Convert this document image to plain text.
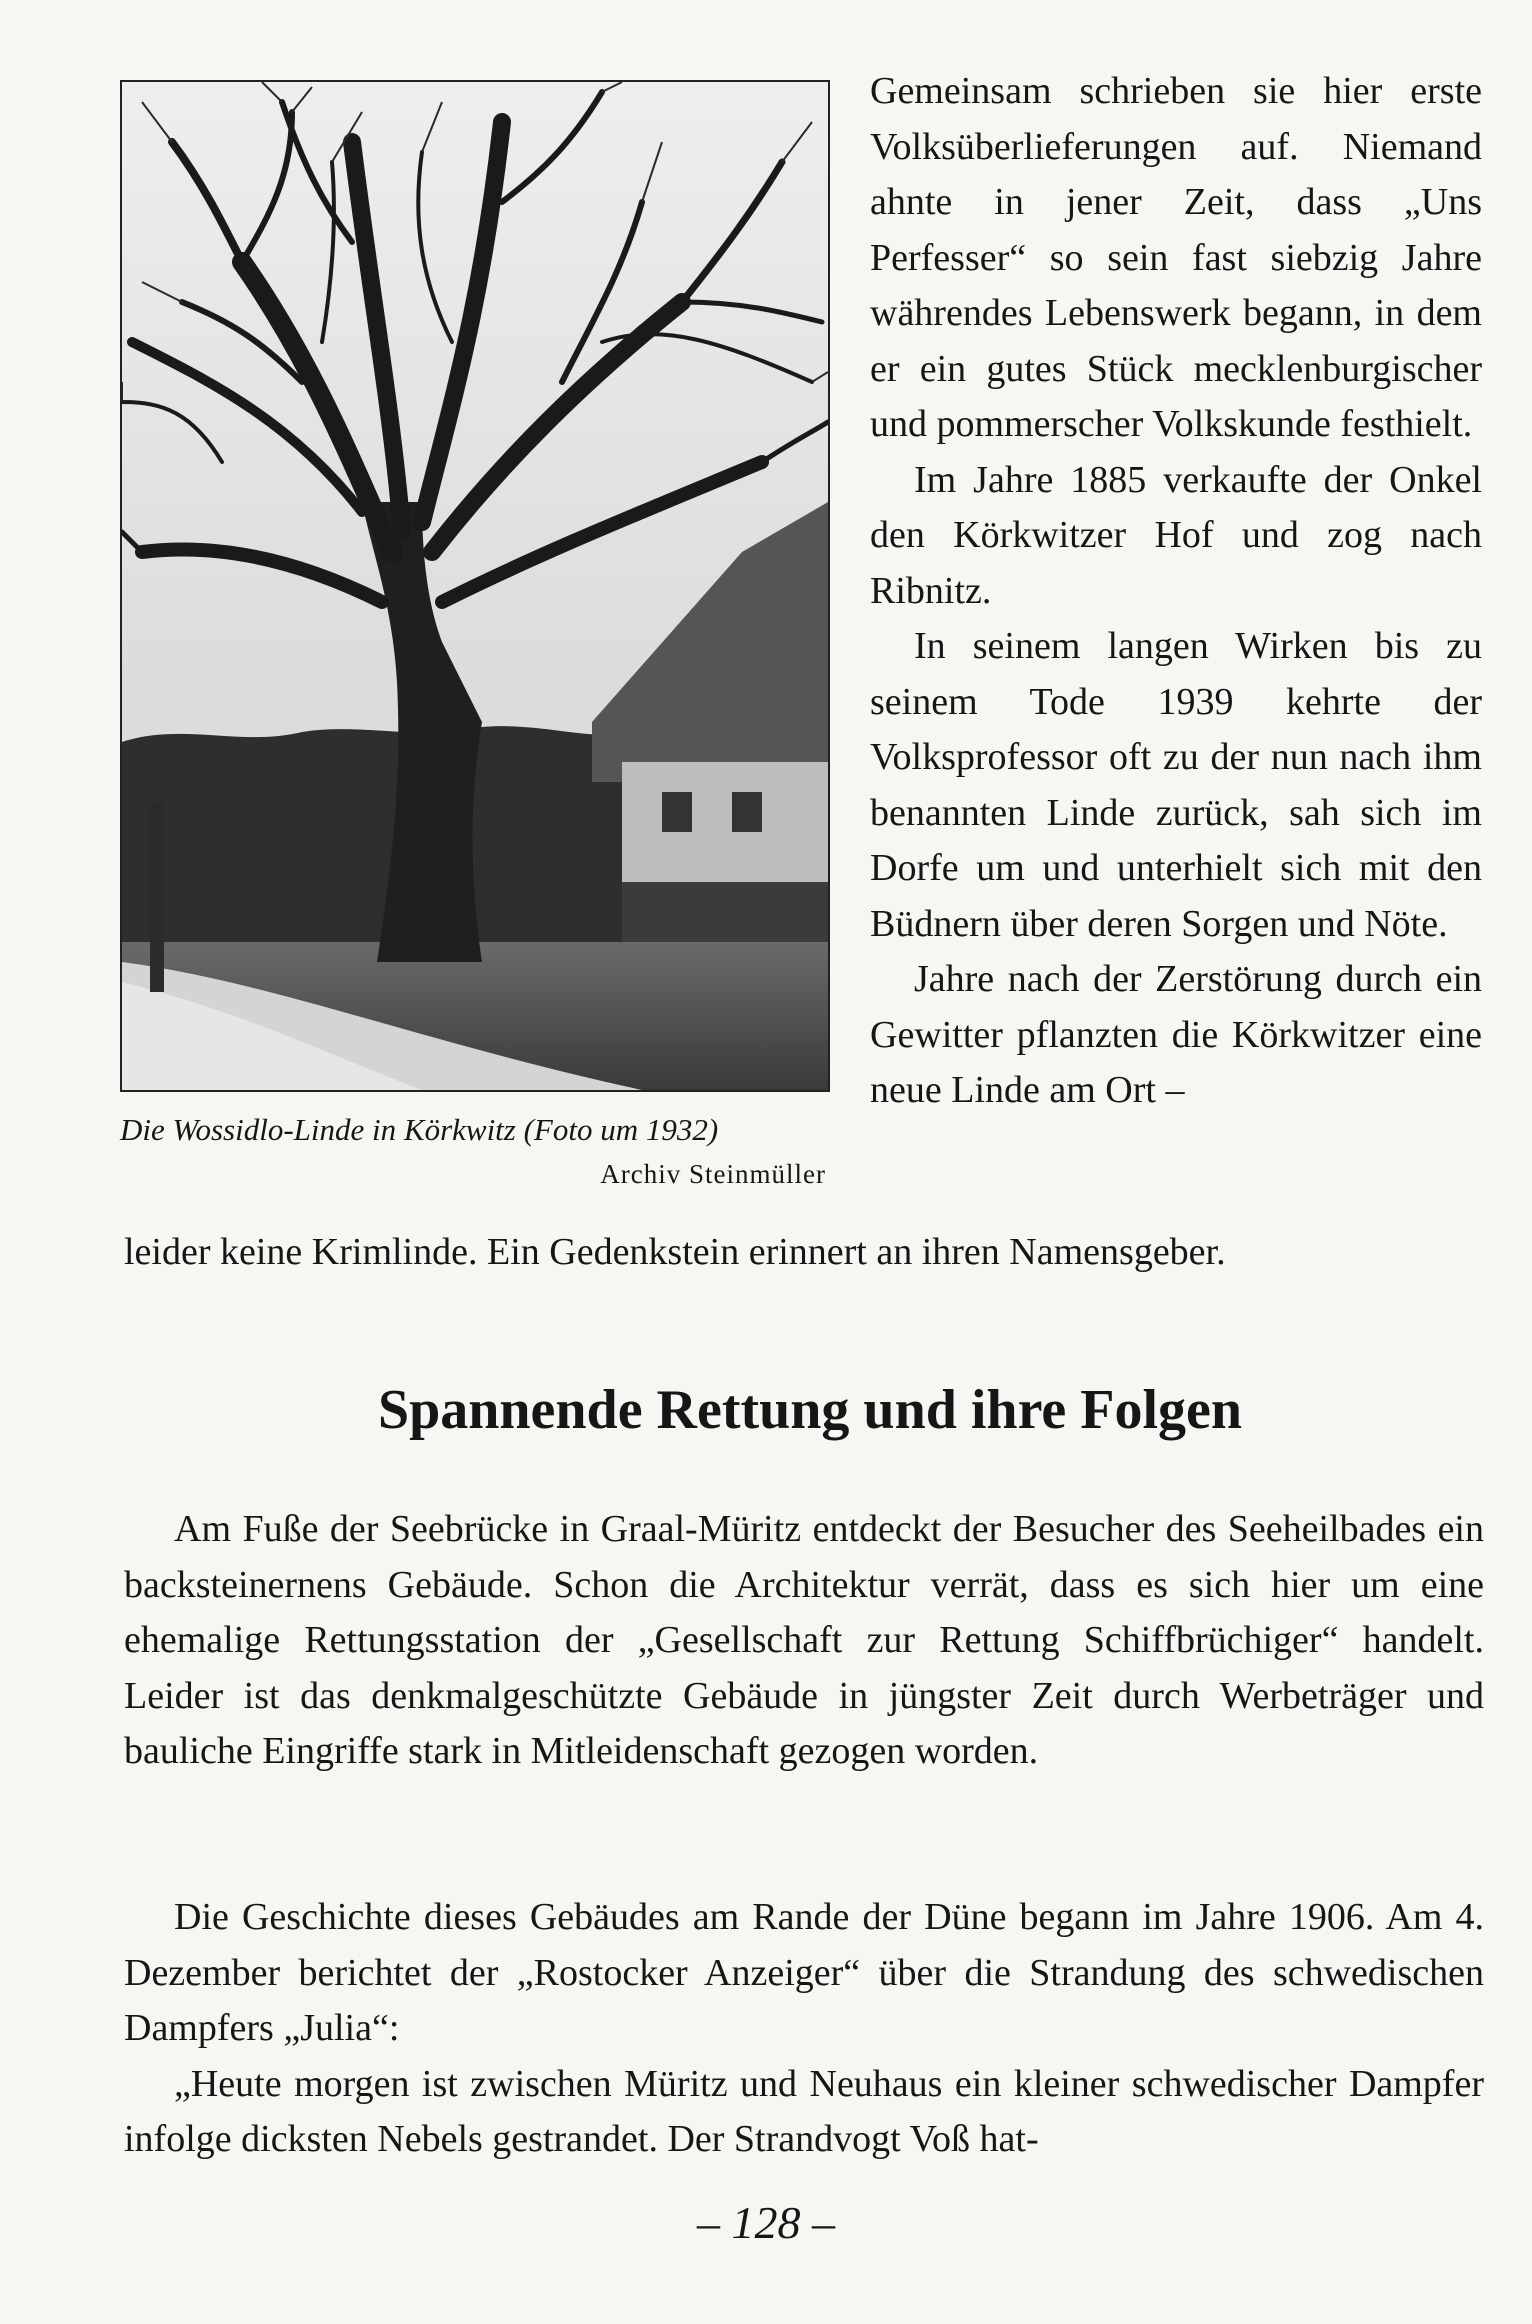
Die Wossidlo-Linde in Körkwitz (Foto um 1932)
Archiv Steinmüller

Gemeinsam schrieben sie hier erste Volksüberlieferungen auf. Niemand ahnte in jener Zeit, dass „Uns Perfesser“ so sein fast siebzig Jahre währendes Lebenswerk begann, in dem er ein gutes Stück mecklenburgischer und pommerscher Volkskunde festhielt.

Im Jahre 1885 verkaufte der Onkel den Körkwitzer Hof und zog nach Ribnitz.

In seinem langen Wirken bis zu seinem Tode 1939 kehrte der Volksprofessor oft zu der nun nach ihm benannten Linde zurück, sah sich im Dorfe um und unterhielt sich mit den Büdnern über deren Sorgen und Nöte.

Jahre nach der Zerstörung durch ein Gewitter pflanzten die Körkwitzer eine neue Linde am Ort –

leider keine Krimlinde. Ein Gedenkstein erinnert an ihren Namensgeber.
Spannende Rettung und ihre Folgen

Am Fuße der Seebrücke in Graal-Müritz entdeckt der Besucher des Seeheilbades ein backsteinernens Gebäude. Schon die Architektur verrät, dass es sich hier um eine ehemalige Rettungsstation der „Gesellschaft zur Rettung Schiffbrüchiger“ handelt. Leider ist das denkmalgeschützte Gebäude in jüngster Zeit durch Werbeträger und bauliche Eingriffe stark in Mitleidenschaft gezogen worden.

Die Geschichte dieses Gebäudes am Rande der Düne begann im Jahre 1906. Am 4. Dezember berichtet der „Rostocker Anzeiger“ über die Strandung des schwedischen Dampfers „Julia“:

„Heute morgen ist zwischen Müritz und Neuhaus ein kleiner schwedischer Dampfer infolge dicksten Nebels gestrandet. Der Strandvogt Voß hat-

– 128 –
